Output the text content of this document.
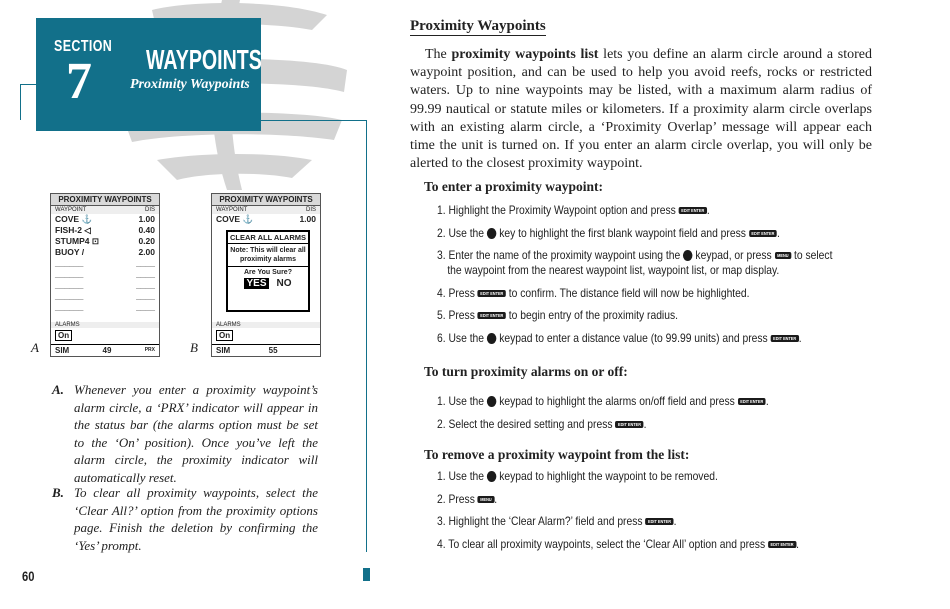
SECTION
7 WAYPOINTS
Proximity Waypoints
A
PROXIMITY WAYPOINTS
WAYPOINT	DIS
COVE ⚓	1.00
FISH-2 ◁	0.40
STUMP4 ⊡	0.20
BUOY /	2.00
______	____
______	____
______	____
______	____
______	____
ALARMS
On
SIM	49	PRX	B
PROXIMITY WAYPOINTS
WAYPOINT	DIS
COVE ⚓	1.00
CLEAR ALL ALARMS
Note: This will clear all proximity alarms
Are You Sure?
YES NO
ALARMS
On
SIM	55
A. Whenever you enter a proximity waypoint’s alarm circle, a ‘PRX’ indicator will appear in the status bar (the alarms option must be set to the ‘On’ position). Once you’ve left the alarm circle, the proximity indicator will automatically reset.
B. To clear all proximity waypoints, select the ‘Clear All?’ option from the proximity options page. Finish the deletion by confirming the ‘Yes’ prompt.
60
Proximity Waypoints

The proximity waypoints list lets you define an alarm circle around a stored waypoint position, and can be used to help you avoid reefs, rocks or restricted waters. Up to nine waypoints may be listed, with a maximum alarm radius of 99.99 nautical or statute miles or kilometers. If a proximity alarm circle overlaps with an existing alarm circle, a ‘Proximity Overlap’ message will appear each time the unit is turned on. If you enter an alarm circle overlap, you will only be alerted to the closest proximity waypoint.

To enter a proximity waypoint:
1. Highlight the Proximity Waypoint option and press EDIT ENTER .
2. Use the  key to highlight the first blank waypoint field and press EDIT ENTER .
3. Enter the name of the proximity waypoint using the  keypad, or press MENU to select
the waypoint from the nearest waypoint list, waypoint list, or map display.
4. Press EDIT ENTER to confirm. The distance field will now be highlighted.
5. Press EDIT ENTER to begin entry of the proximity radius.
6. Use the  keypad to enter a distance value (to 99.99 units) and press EDIT ENTER .
To turn proximity alarms on or off:
1. Use the  keypad to highlight the alarms on/off field and press EDIT ENTER .
2. Select the desired setting and press EDIT ENTER .
To remove a proximity waypoint from the list:
1. Use the  keypad to highlight the waypoint to be removed.
2. Press MENU .
3. Highlight the ‘Clear Alarm?’ field and press EDIT ENTER .
4. To clear all proximity waypoints, select the ‘Clear All’ option and press EDIT ENTER .
